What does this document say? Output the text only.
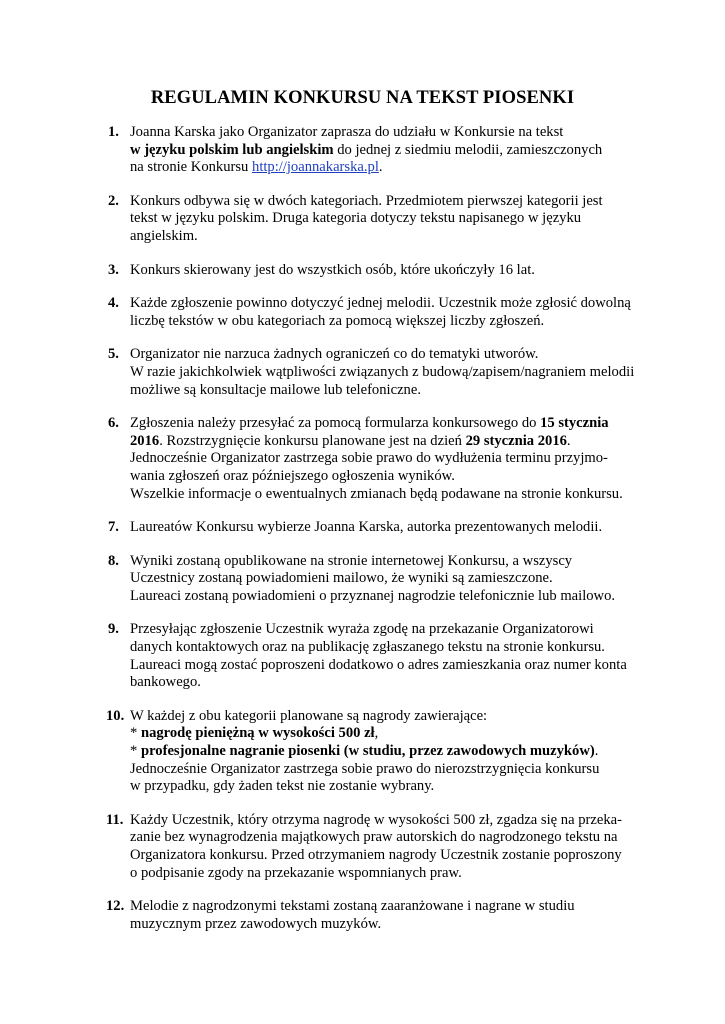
REGULAMIN KONKURSU NA TEKST PIOSENKI
1. Joanna Karska jako Organizator zaprasza do udziału w Konkursie na tekst
w języku polskim lub angielskim do jednej z siedmiu melodii, zamieszczonych
na stronie Konkursu http://joannakarska.pl.
2. Konkurs odbywa się w dwóch kategoriach. Przedmiotem pierwszej kategorii jest
tekst w języku polskim. Druga kategoria dotyczy tekstu napisanego w języku
angielskim.
3. Konkurs skierowany jest do wszystkich osób, które ukończyły 16 lat.
4. Każde zgłoszenie powinno dotyczyć jednej melodii. Uczestnik może zgłosić dowolną
liczbę tekstów w obu kategoriach za pomocą większej liczby zgłoszeń.
5. Organizator nie narzuca żadnych ograniczeń co do tematyki utworów.
W razie jakichkolwiek wątpliwości związanych z budową/zapisem/nagraniem melodii
możliwe są konsultacje mailowe lub telefoniczne.
6. Zgłoszenia należy przesyłać za pomocą formularza konkursowego do 15 stycznia
2016. Rozstrzygnięcie konkursu planowane jest na dzień 29 stycznia 2016.
Jednocześnie Organizator zastrzega sobie prawo do wydłużenia terminu przyjmo-
wania zgłoszeń oraz późniejszego ogłoszenia wyników.
Wszelkie informacje o ewentualnych zmianach będą podawane na stronie konkursu.
7. Laureatów Konkursu wybierze Joanna Karska, autorka prezentowanych melodii.
8. Wyniki zostaną opublikowane na stronie internetowej Konkursu, a wszyscy
Uczestnicy zostaną powiadomieni mailowo, że wyniki są zamieszczone.
Laureaci zostaną powiadomieni o przyznanej nagrodzie telefonicznie lub mailowo.
9. Przesyłając zgłoszenie Uczestnik wyraża zgodę na przekazanie Organizatorowi
danych kontaktowych oraz na publikację zgłaszanego tekstu na stronie konkursu.
Laureaci mogą zostać poproszeni dodatkowo o adres zamieszkania oraz numer konta
bankowego.
10. W każdej z obu kategorii planowane są nagrody zawierające:
* nagrodę pieniężną w wysokości 500 zł,
* profesjonalne nagranie piosenki (w studiu, przez zawodowych muzyków).
Jednocześnie Organizator zastrzega sobie prawo do nierozstrzygnięcia konkursu
w przypadku, gdy żaden tekst nie zostanie wybrany.
11. Każdy Uczestnik, który otrzyma nagrodę w wysokości 500 zł, zgadza się na przeka-
zanie bez wynagrodzenia majątkowych praw autorskich do nagrodzonego tekstu na
Organizatora konkursu. Przed otrzymaniem nagrody Uczestnik zostanie poproszony
o podpisanie zgody na przekazanie wspomnianych praw.
12. Melodie z nagrodzonymi tekstami zostaną zaaranżowane i nagrane w studiu
muzycznym przez zawodowych muzyków.
